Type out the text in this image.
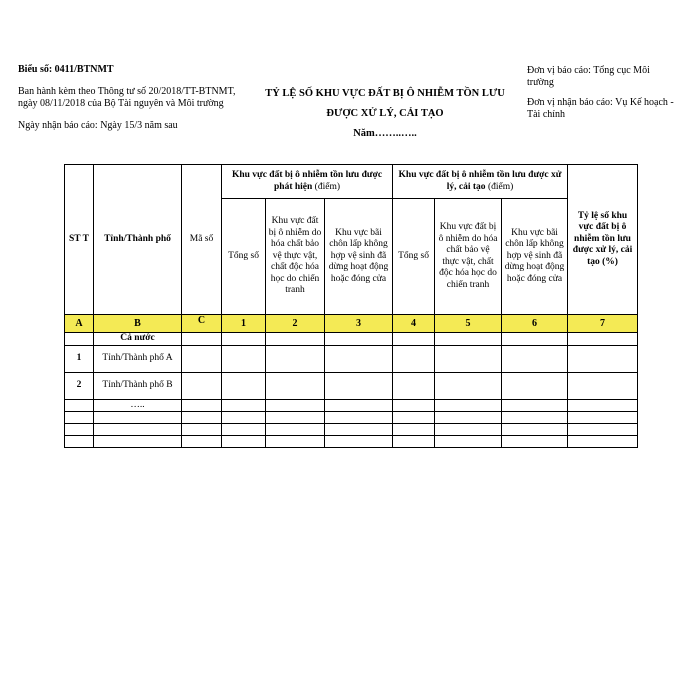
Biểu số: 0411/BTNMT
Ban hành kèm theo Thông tư số 20/2018/TT-BTNMT,
ngày 08/11/2018 của Bộ Tài nguyên và Môi trường
Ngày nhận báo cáo: Ngày 15/3 năm sau
TỶ LỆ SỐ KHU VỰC ĐẤT BỊ Ô NHIỄM TỒN LƯU
ĐƯỢC XỬ LÝ, CẢI TẠO
Năm……..…..
Đơn vị báo cáo: Tổng cục Môi
trường
Đơn vị nhận báo cáo: Vụ Kế hoạch -
Tài chính
ST T	Tỉnh/Thành phố	Mã số	Khu vực đất bị ô nhiễm tồn lưu được phát hiện (điểm)			Khu vực đất bị ô nhiễm tồn lưu được xử lý, cải tạo (điểm)			Tỷ lệ số khu vực đất bị ô nhiễm tồn lưu được xử lý, cải tạo (%)
			Tổng số	Khu vực đất bị ô nhiễm do hóa chất bảo vệ thực vật, chất độc hóa học do chiến tranh	Khu vực bãi chôn lấp không hợp vệ sinh đã dừng hoạt động hoặc đóng cửa	Tổng số	Khu vực đất bị ô nhiễm do hóa chất bảo vệ thực vật, chất độc hóa học do chiến tranh	Khu vực bãi chôn lấp không hợp vệ sinh đã dừng hoạt động hoặc đóng cửa	
A	B	C	1	2	3	4	5	6	7
	Cả nước								
1	Tỉnh/Thành phố A								
2	Tỉnh/Thành phố B								
	…..								
